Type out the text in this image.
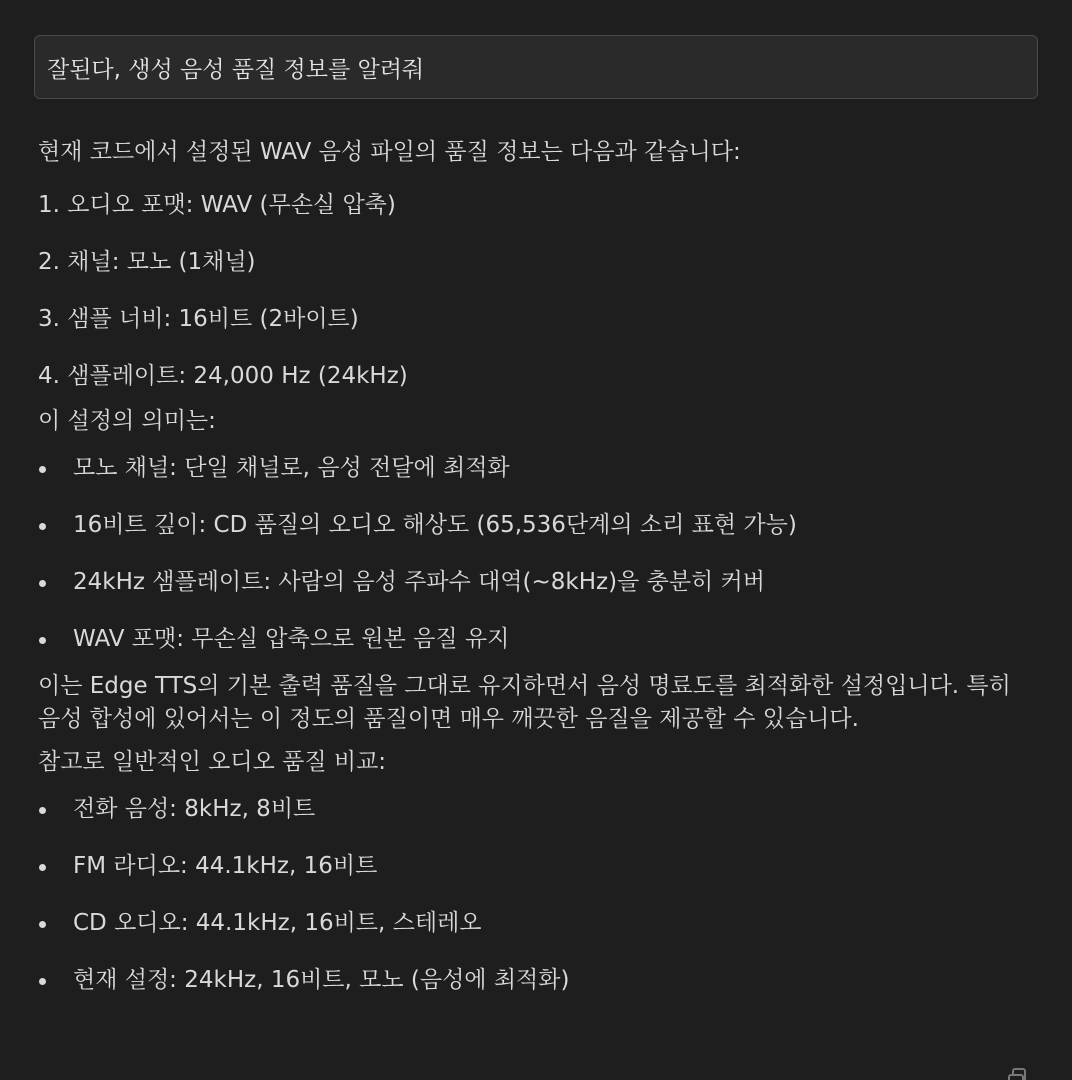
잘된다, 생성 음성 품질 정보를 알려줘

현재 코드에서 설정된 WAV 음성 파일의 품질 정보는 다음과 같습니다:

1. 오디오 포맷: WAV (무손실 압축)
2. 채널: 모노 (1채널)
3. 샘플 너비: 16비트 (2바이트)
4. 샘플레이트: 24,000 Hz (24kHz)

이 설정의 의미는:

모노 채널: 단일 채널로, 음성 전달에 최적화
16비트 깊이: CD 품질의 오디오 해상도 (65,536단계의 소리 표현 가능)
24kHz 샘플레이트: 사람의 음성 주파수 대역(~8kHz)을 충분히 커버
WAV 포맷: 무손실 압축으로 원본 음질 유지

이는 Edge TTS의 기본 출력 품질을 그대로 유지하면서 음성 명료도를 최적화한 설정입니다. 특히 음성 합성에 있어서는 이 정도의 품질이면 매우 깨끗한 음질을 제공할 수 있습니다.

참고로 일반적인 오디오 품질 비교:

전화 음성: 8kHz, 8비트
FM 라디오: 44.1kHz, 16비트
CD 오디오: 44.1kHz, 16비트, 스테레오
현재 설정: 24kHz, 16비트, 모노 (음성에 최적화)
